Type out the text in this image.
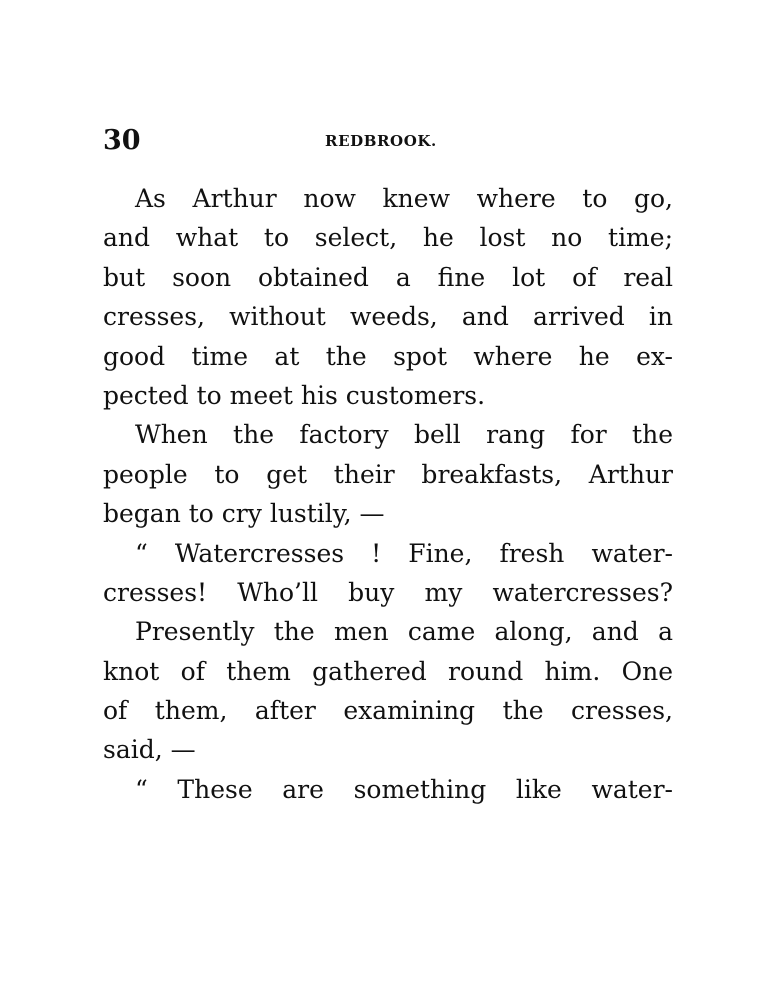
30	REDBROOK.
As Arthur now knew where to go,
and what to select, he lost no time;
but soon obtained a fine lot of real
cresses, without weeds, and arrived in
good time at the spot where he ex-
pected to meet his customers.
When the factory bell rang for the
people to get their breakfasts, Arthur
began to cry lustily, —
“ Watercresses ! Fine, fresh water-
cresses! Who’ll buy my watercresses?
Presently the men came along, and a
knot of them gathered round him. One
of them, after examining the cresses,
said, —
“ These are something like water-
